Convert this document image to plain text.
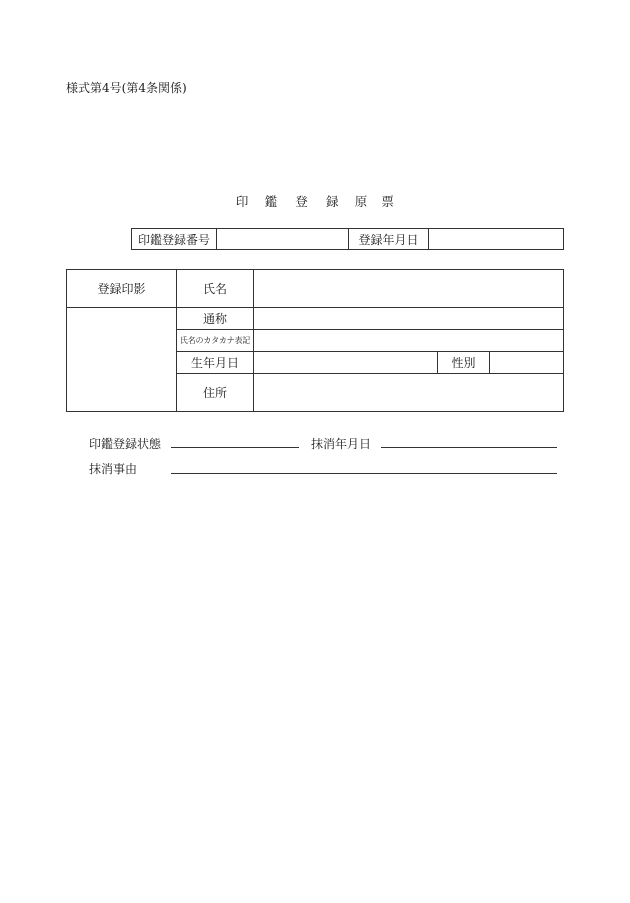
様式第4号(第4条関係)
印 鑑 登 録 原 票
印鑑登録番号		登録年月日	
登録印影	氏名			
	通称			
	氏名のカタカナ表記			
	生年月日		性別	
	住所			
印鑑登録状態	抹消年月日
抹消事由
